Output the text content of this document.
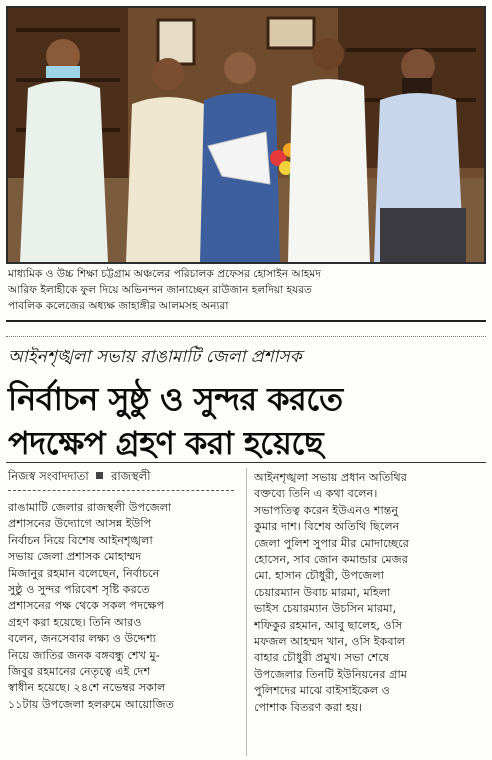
মাধ্যমিক ও উচ্চ শিক্ষা চট্টগ্রাম অঞ্চলের পরিচালক প্রফেসর হোসাইন আহমদ
আরিফ ইলাহীকে ফুল দিয়ে অভিনন্দন জানাচ্ছেন রাউজান হলদিয়া হযরত
পাবলিক কলেজের অধ্যক্ষ জাহাঙ্গীর আলমসহ অন্যরা
আইনশৃঙ্খলা সভায় রাঙামাটি জেলা প্রশাসক
নির্বাচন সুষ্ঠু ও সুন্দর করতে
পদক্ষেপ গ্রহণ করা হয়েছে
নিজস্ব সংবাদদাতা রাজস্থলী
রাঙামাটি জেলার রাজস্থলী উপজেলা
প্রশাসনের উদ্যোগে আসন্ন ইউপি
নির্বাচন নিয়ে বিশেষ আইনশৃঙ্খলা
সভায় জেলা প্রশাসক মোহাম্মদ
মিজানুর রহমান বলেছেন, নির্বাচনে
সুষ্ঠু ও সুন্দর পরিবেশ সৃষ্টি করতে
প্রশাসনের পক্ষ থেকে সকল পদক্ষেপ
গ্রহণ করা হয়েছে। তিনি আরও
বলেন, জনসেবার লক্ষ্য ও উদ্দেশ্য
নিয়ে জাতির জনক বঙ্গবন্ধু শেখ মু-
জিবুর রহমানের নেতৃত্বে এই দেশ
স্বাধীন হয়েছে। ২৪শে নভেম্বর সকাল
১১টায় উপজেলা হলরুমে আয়োজিত
আইনশৃঙ্খলা সভায় প্রধান অতিথির
বক্তব্যে তিনি এ কথা বলেন।
সভাপতিত্ব করেন ইউএনও শান্তনু
কুমার দাশ। বিশেষ অতিথি ছিলেন
জেলা পুলিশ সুপার মীর মোদাচ্ছেরে
হোসেন, সাব জোন কমান্ডার মেজর
মো. হাসান চৌধুরী, উপজেলা
চেয়ারম্যান উবাচ মারমা, মহিলা
ভাইস চেয়ারম্যান উচসিন মারমা,
শফিকুর রহমান, আবু ছালেহ, ওসি
মফজল আহম্মদ খান, ওসি ইকবাল
বাহার চৌধুরী প্রমুখ। সভা শেষে
উপজেলার তিনটি ইউনিয়নের গ্রাম
পুলিশদের মাঝে বাইসাইকেল ও
পোশাক বিতরণ করা হয়।
